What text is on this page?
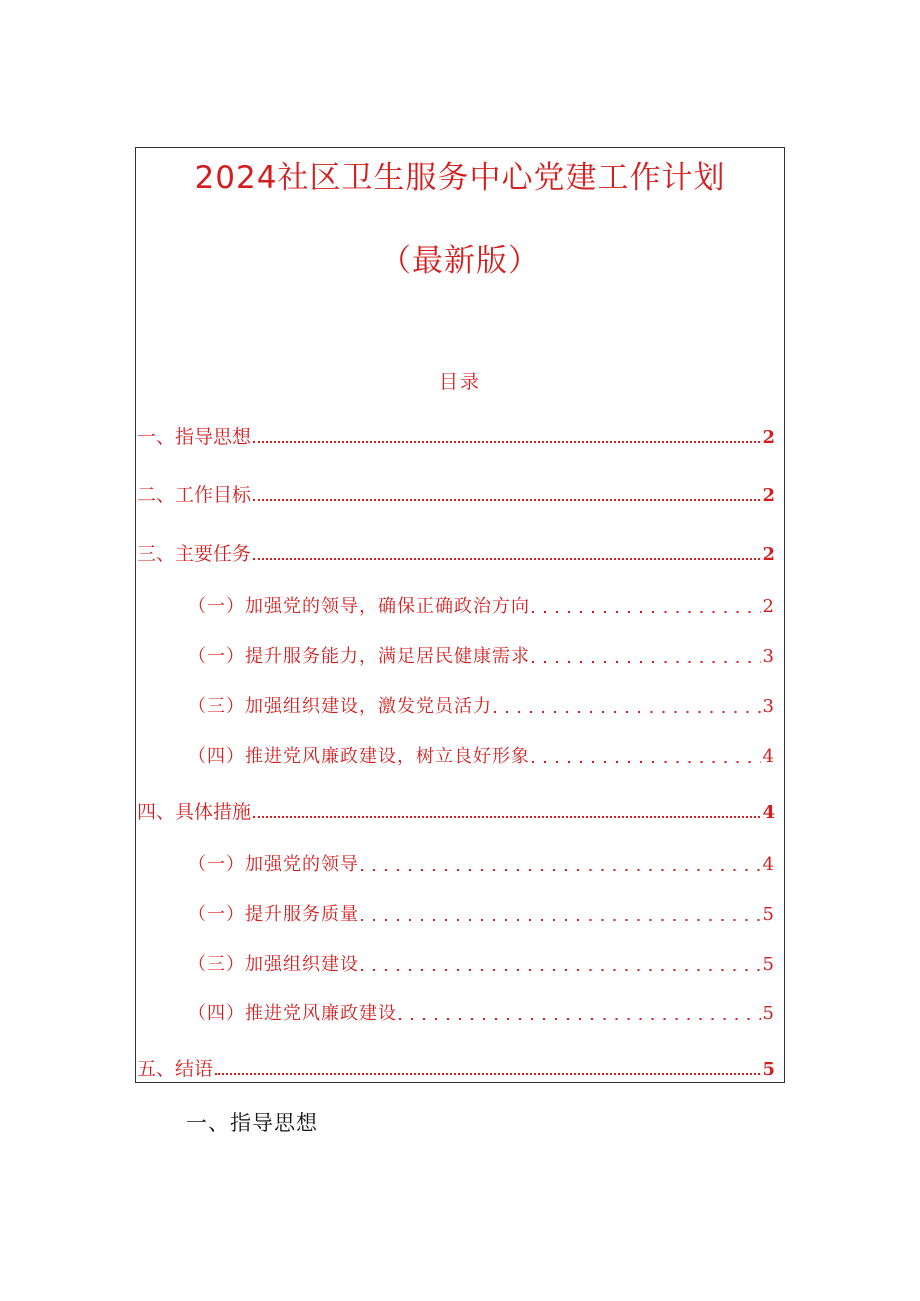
2024社区卫生服务中心党建工作计划
（最新版）
目录
一、指导思想	2
二、工作目标	2
三、主要任务	2
（一）加强党的领导，确保正确政治方向	2
（一）提升服务能力，满足居民健康需求	3
（三）加强组织建设，激发党员活力	3
（四）推进党风廉政建设，树立良好形象	4
四、具体措施	4
（一）加强党的领导	4
（一）提升服务质量	5
（三）加强组织建设	5
（四）推进党风廉政建设	5
五、结语	5
一、指导思想
